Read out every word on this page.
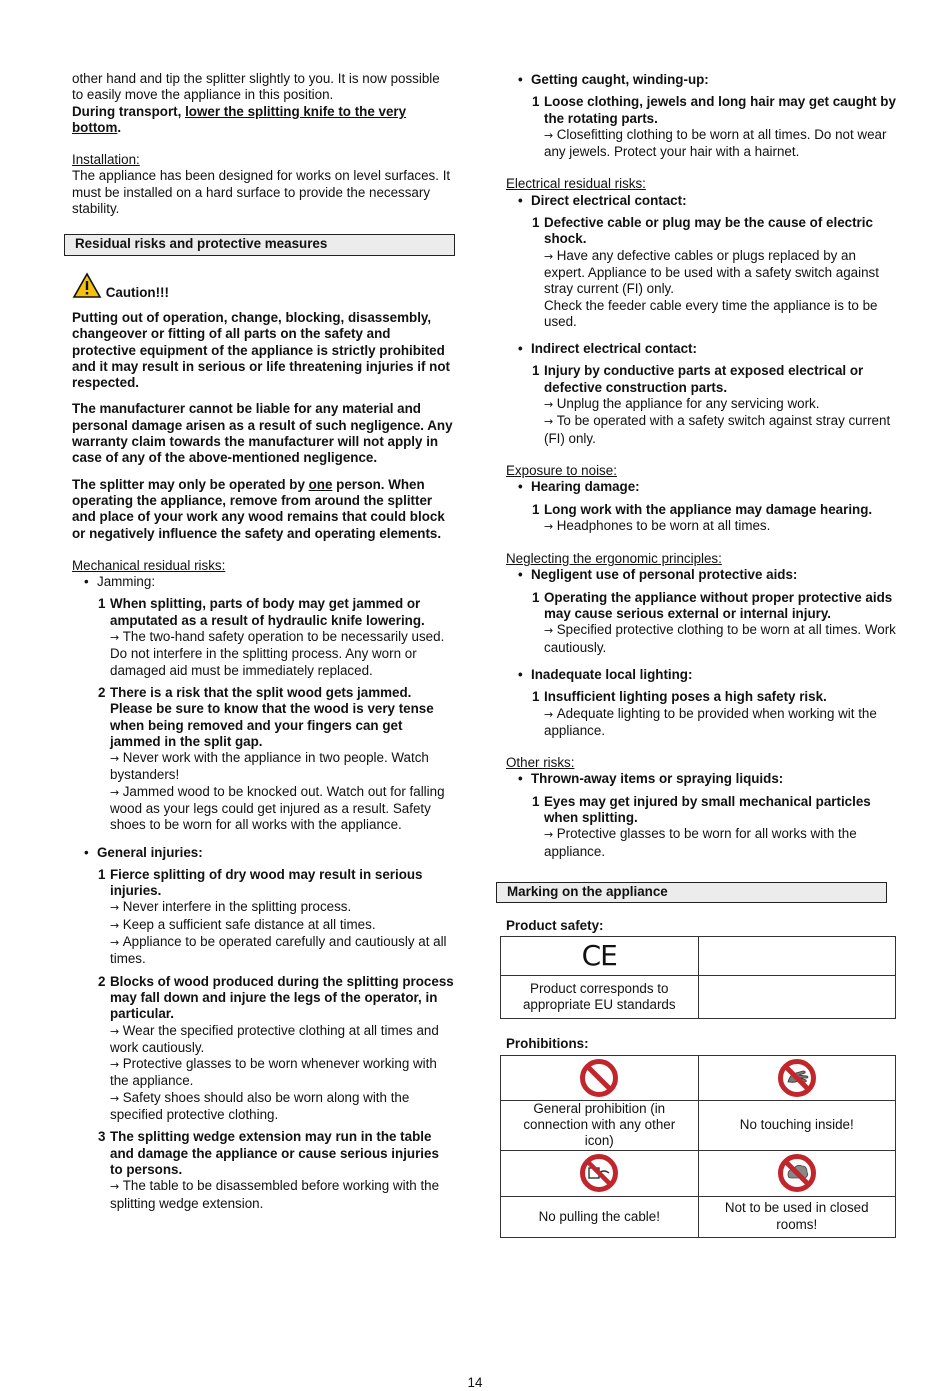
other hand and tip the splitter slightly to you. It is now possible to easily move the appliance in this position.

During transport, lower the splitting knife to the very bottom.

Installation:

The appliance has been designed for works on level surfaces. It must be installed on a hard surface to provide the necessary stability.

Residual risks and protective measures
Caution!!!

Putting out of operation, change, blocking, disassembly, changeover or fitting of all parts on the safety and protective equipment of the appliance is strictly prohibited and it may result in serious or life threatening injuries if not respected.

The manufacturer cannot be liable for any material and personal damage arisen as a result of such negligence. Any warranty claim towards the manufacturer will not apply in case of any of the above-mentioned negligence.

The splitter may only be operated by one person. When operating the appliance, remove from around the splitter and place of your work any wood remains that could block or negatively influence the safety and operating elements.

Mechanical residual risks:

• Jamming:
1 When splitting, parts of body may get jammed or amputated as a result of hydraulic knife lowering.
→ The two-hand safety operation to be necessarily used. Do not interfere in the splitting process. Any worn or damaged aid must be immediately replaced.
2 There is a risk that the split wood gets jammed. Please be sure to know that the wood is very tense when being removed and your fingers can get jammed in the split gap.
→ Never work with the appliance in two people. Watch bystanders!
→ Jammed wood to be knocked out. Watch out for falling wood as your legs could get injured as a result. Safety shoes to be worn for all works with the appliance.
• General injuries:
1 Fierce splitting of dry wood may result in serious injuries.
→ Never interfere in the splitting process.
→ Keep a sufficient safe distance at all times.
→ Appliance to be operated carefully and cautiously at all times.
2 Blocks of wood produced during the splitting process may fall down and injure the legs of the operator, in particular.
→ Wear the specified protective clothing at all times and work cautiously.
→ Protective glasses to be worn whenever working with the appliance.
→ Safety shoes should also be worn along with the specified protective clothing.
3 The splitting wedge extension may run in the table and damage the appliance or cause serious injuries to persons.
→ The table to be disassembled before working with the splitting wedge extension.
• Getting caught, winding-up:
1 Loose clothing, jewels and long hair may get caught by the rotating parts.
→ Closefitting clothing to be worn at all times. Do not wear any jewels. Protect your hair with a hairnet.

Electrical residual risks:

• Direct electrical contact:
1 Defective cable or plug may be the cause of electric shock.
→ Have any defective cables or plugs replaced by an expert. Appliance to be used with a safety switch against stray current (FI) only.
Check the feeder cable every time the appliance is to be used.
• Indirect electrical contact:
1 Injury by conductive parts at exposed electrical or defective construction parts.
→ Unplug the appliance for any servicing work.
→ To be operated with a safety switch against stray current (FI) only.

Exposure to noise:

• Hearing damage:
1 Long work with the appliance may damage hearing.
→ Headphones to be worn at all times.

Neglecting the ergonomic principles:

• Negligent use of personal protective aids:
1 Operating the appliance without proper protective aids may cause serious external or internal injury.
→ Specified protective clothing to be worn at all times. Work cautiously.
• Inadequate local lighting:
1 Insufficient lighting poses a high safety risk.
→ Adequate lighting to be provided when working wit the appliance.

Other risks:

• Thrown-away items or spraying liquids:
1 Eyes may get injured by small mechanical particles when splitting.
→ Protective glasses to be worn for all works with the appliance.
Marking on the appliance

Product safety:

CE	
Product corresponds to appropriate EU standards	

Prohibitions:

General prohibition (in connection with any other icon)	No touching inside!

No pulling the cable!	Not to be used in closed rooms!
14
